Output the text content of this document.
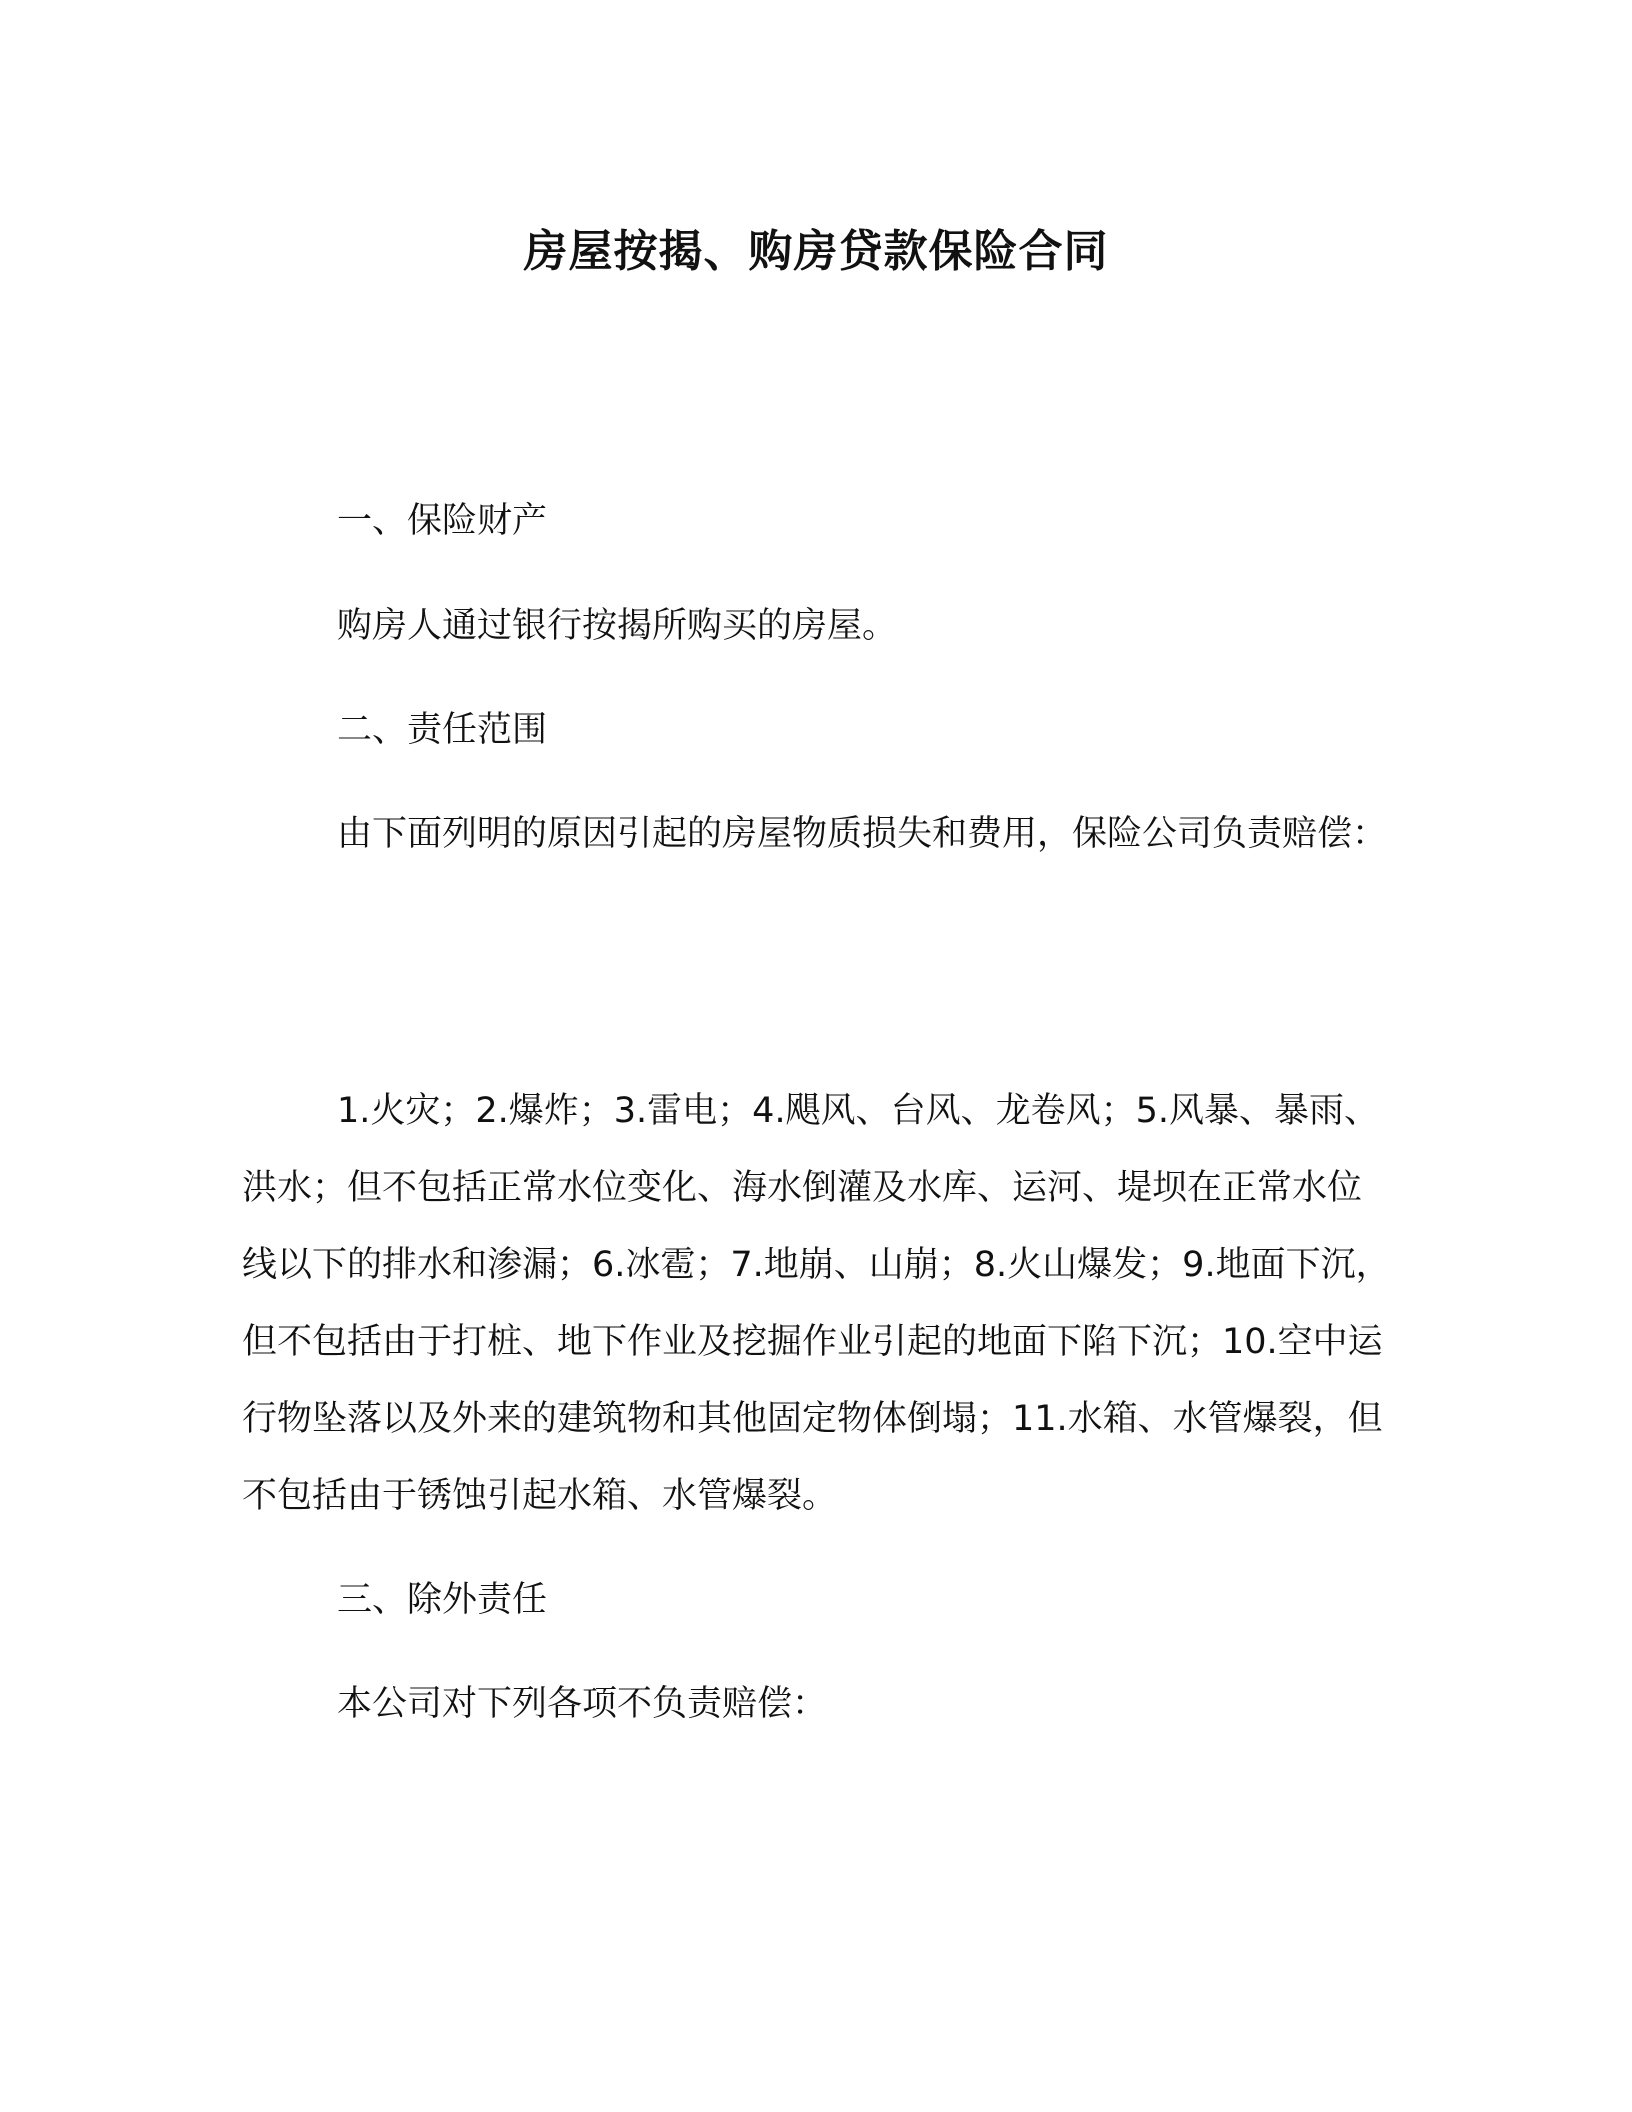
房屋按揭、购房贷款保险合同
一、保险财产
购房人通过银行按揭所购买的房屋。
二、责任范围
由下面列明的原因引起的房屋物质损失和费用，保险公司负责赔偿：
1.火灾；2.爆炸；3.雷电；4.飓风、台风、龙卷风；5.风暴、暴雨、洪水；但不包括正常水位变化、海水倒灌及水库、运河、堤坝在正常水位线以下的排水和渗漏；6.冰雹；7.地崩、山崩；8.火山爆发；9.地面下沉，但不包括由于打桩、地下作业及挖掘作业引起的地面下陷下沉；10.空中运行物坠落以及外来的建筑物和其他固定物体倒塌；11.水箱、水管爆裂，但不包括由于锈蚀引起水箱、水管爆裂。
三、除外责任
本公司对下列各项不负责赔偿：
